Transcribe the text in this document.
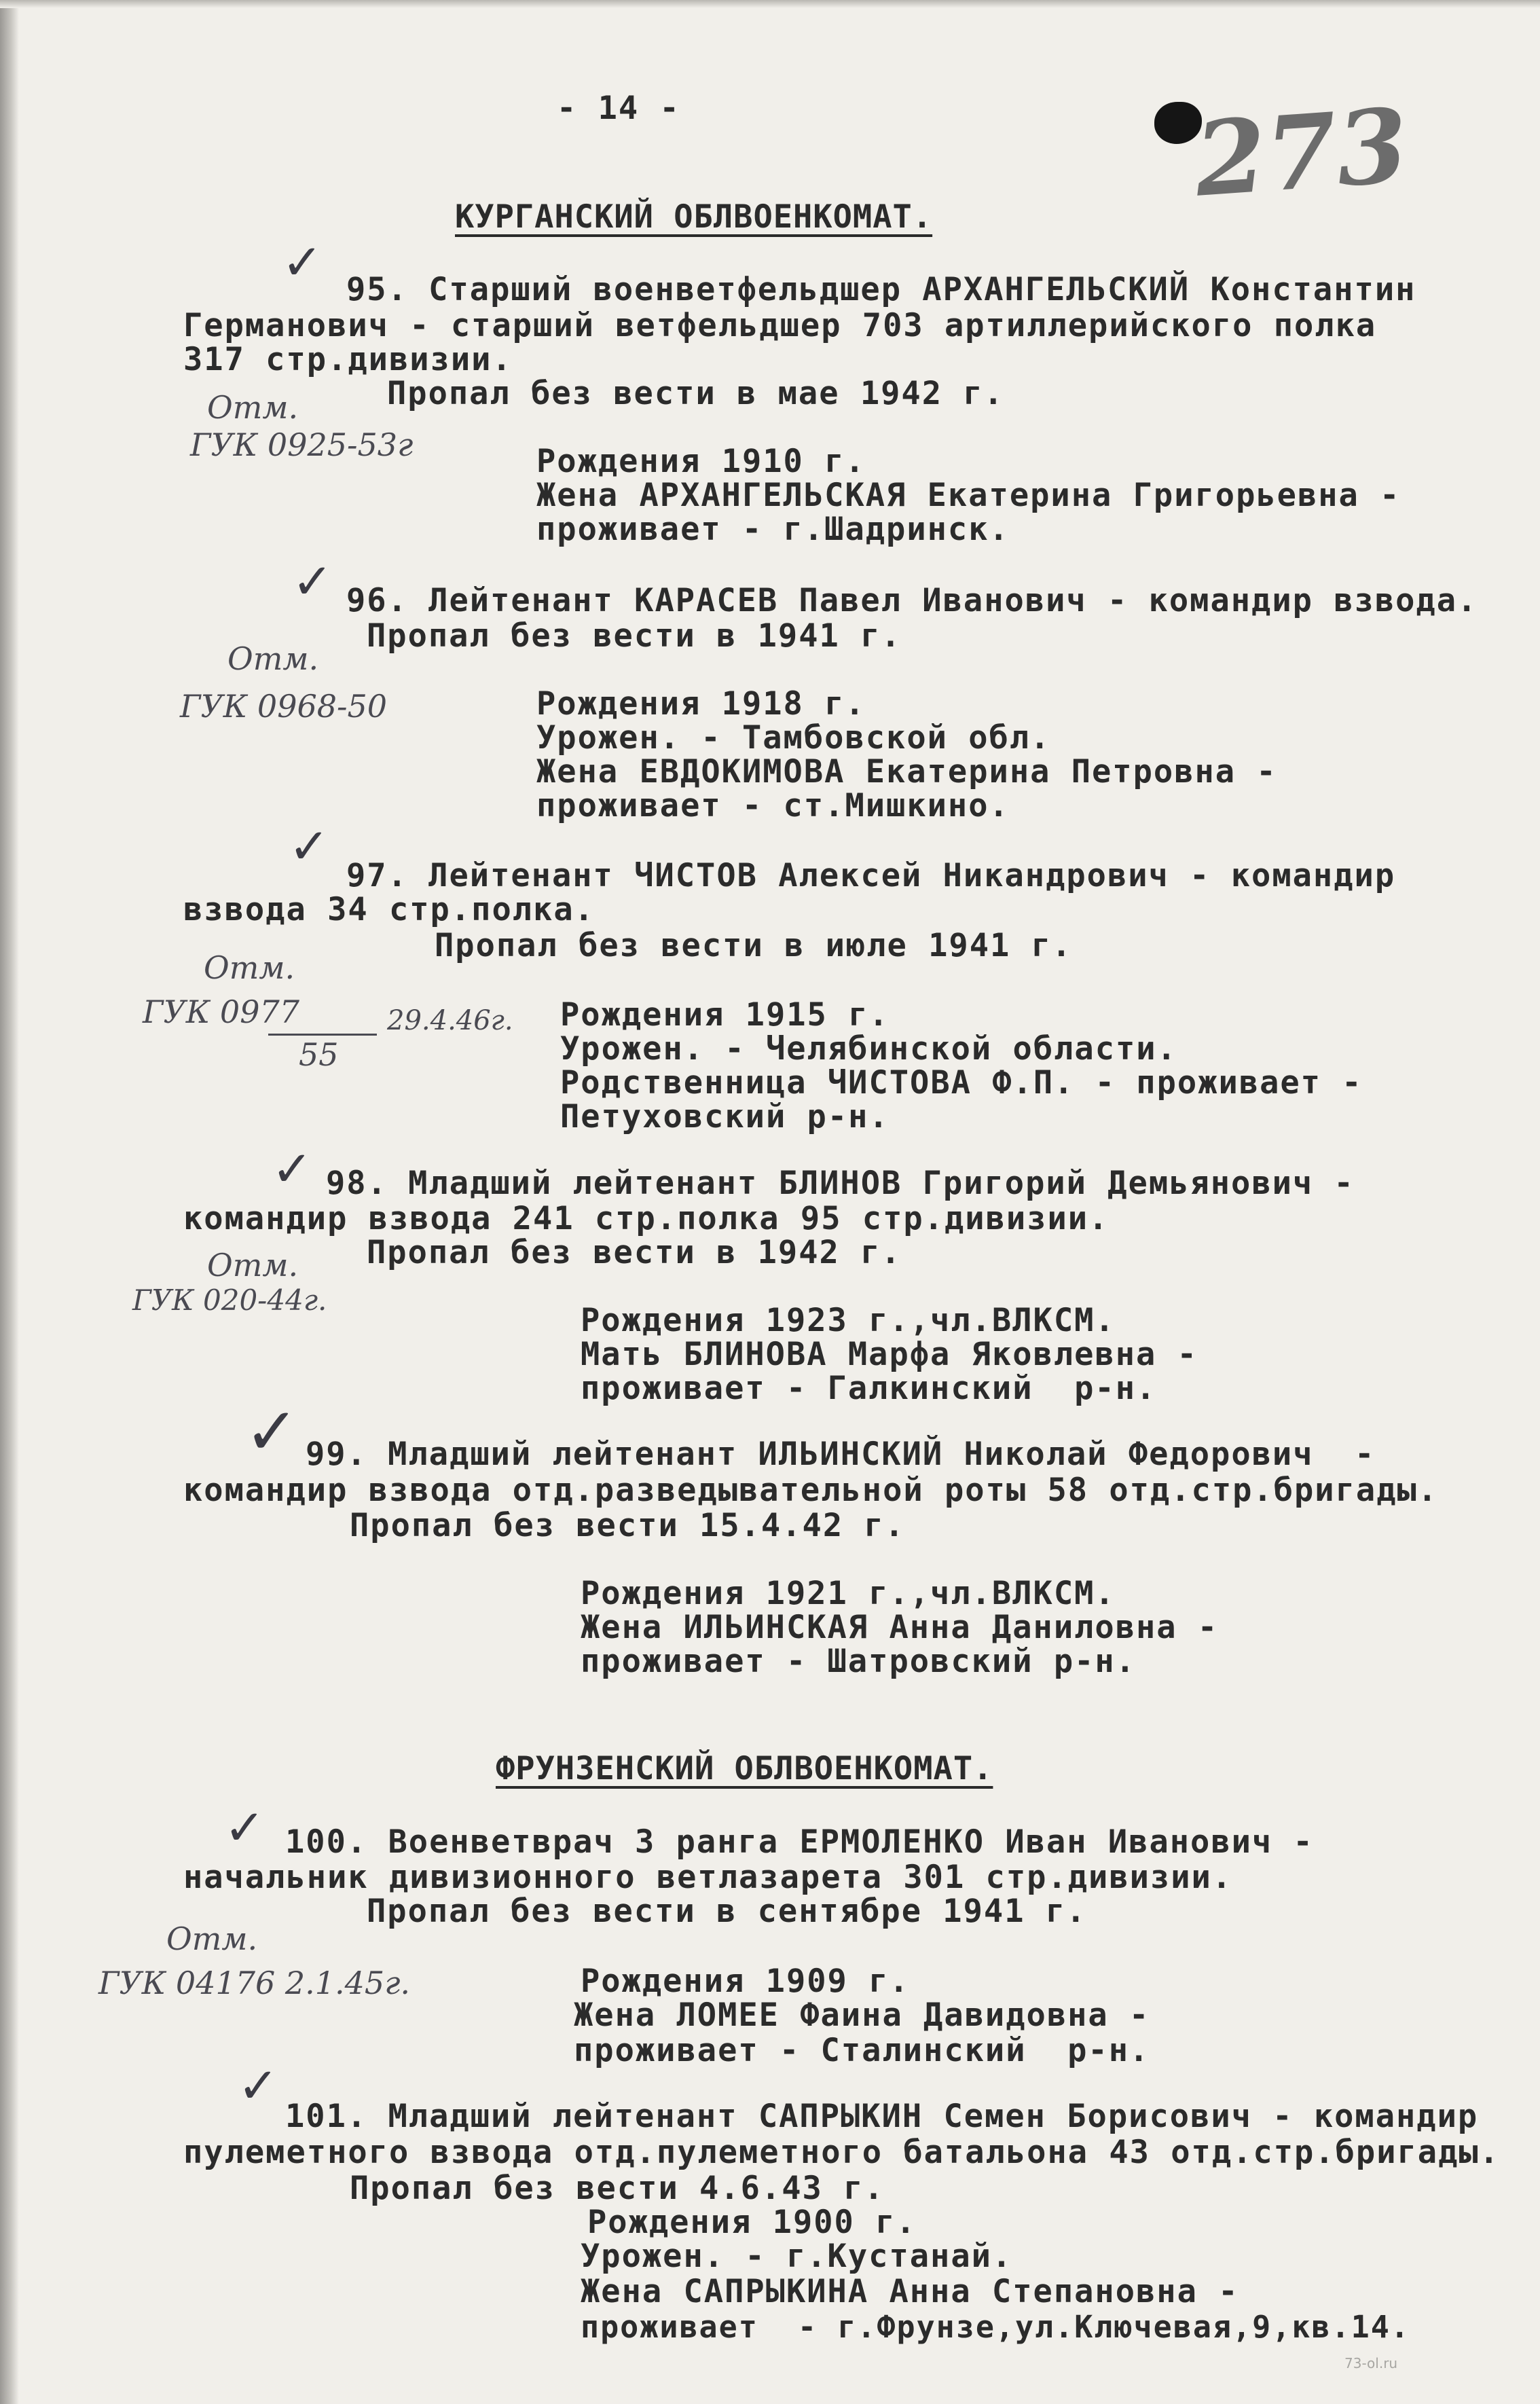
- 14 -	273
КУРГАНСКИЙ ОБЛВОЕНКОМАТ.
✓ 95. Старший военветфельдшер АРХАНГЕЛЬСКИЙ Константин
Германович - старший ветфельдшер 703 артиллерийского полка
317 стр.дивизии.
Пропал без вести в мае 1942 г.
Рождения 1910 г.
Жена АРХАНГЕЛЬСКАЯ Екатерина Григорьевна -
проживает - г.Шадринск.
Отм.
ГУК 0925-53г
✓ 96. Лейтенант КАРАСЕВ Павел Иванович - командир взвода.
Пропал без вести в 1941 г.
Рождения 1918 г.
Урожен. - Тамбовской обл.
Жена ЕВДОКИМОВА Екатерина Петровна -
проживает - ст.Мишкино.
Отм.
ГУК 0968-50
✓
97. Лейтенант ЧИСТОВ Алексей Никандрович - командир
взвода 34 стр.полка.
Пропал без вести в июле 1941 г.
Рождения 1915 г.
Урожен. - Челябинской области.
Родственница ЧИСТОВА Ф.П. - проживает -
Петуховский р-н.
Отм.
ГУК 0977
55
29.4.46г.
✓ 98. Младший лейтенант БЛИНОВ Григорий Демьянович -
командир взвода 241 стр.полка 95 стр.дивизии.
Пропал без вести в 1942 г.
Рождения 1923 г.,чл.ВЛКСМ.
Мать БЛИНОВА Марфа Яковлевна -
проживает - Галкинский  р-н.
Отм.
ГУК 020-44г.
✓ 99. Младший лейтенант ИЛЬИНСКИЙ Николай Федорович  -
командир взвода отд.разведывательной роты 58 отд.стр.бригады.
Пропал без вести 15.4.42 г.
Рождения 1921 г.,чл.ВЛКСМ.
Жена ИЛЬИНСКАЯ Анна Даниловна -
проживает - Шатровский р-н.
ФРУНЗЕНСКИЙ ОБЛВОЕНКОМАТ.
✓ 100. Военветврач 3 ранга ЕРМОЛЕНКО Иван Иванович -
начальник дивизионного ветлазарета 301 стр.дивизии.
Пропал без вести в сентябре 1941 г.
Рождения 1909 г.
Жена ЛОМЕЕ Фаина Давидовна -
проживает - Сталинский  р-н.
Отм.
ГУК 04176 2.1.45г.
✓
101. Младший лейтенант САПРЫКИН Семен Борисович - командир
пулеметного взвода отд.пулеметного батальона 43 отд.стр.бригады.
Пропал без вести 4.6.43 г.
Рождения 1900 г.
Урожен. - г.Кустанай.
Жена САПРЫКИНА Анна Степановна -
проживает  - г.Фрунзе,ул.Ключевая,9,кв.14.
73-ol.ru
